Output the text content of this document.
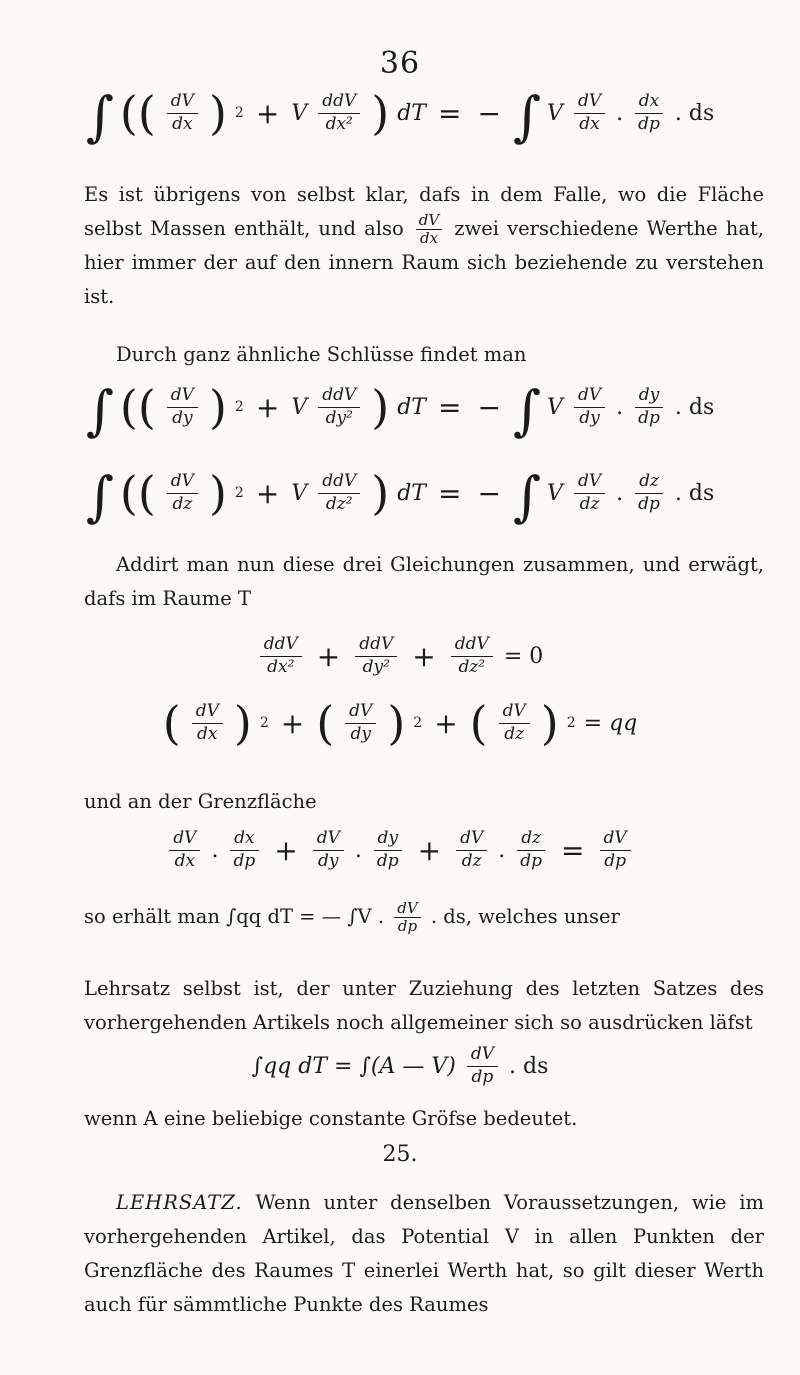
36
∫ (( $\frac{dV}{dx}$ ) 2 + V $\frac{\text{ddV}}{\text{dx²}}$ ) dT = − ∫ V $\frac{dV}{dx}$ . $\frac{dx}{dp}$ . ds
Es ist übrigens von selbst klar, dafs in dem Falle, wo die Fläche selbst Massen enthält, und also $\frac{dV}{dx}$ zwei verschiedene Werthe hat, hier immer der auf den innern Raum sich beziehende zu verstehen ist.
Durch ganz ähnliche Schlüsse findet man
∫ (( $\frac{dV}{dy}$ ) 2 + V $\frac{\text{ddV}}{\text{dy²}}$ ) dT = − ∫ V $\frac{dV}{dy}$ . $\frac{dy}{dp}$ . ds
∫ (( $\frac{dV}{dz}$ ) 2 + V $\frac{\text{ddV}}{\text{dz²}}$ ) dT = − ∫ V $\frac{dV}{dz}$ . $\frac{dz}{dp}$ . ds
Addirt man nun diese drei Gleichungen zusammen, und erwägt, dafs im Raume T
$\frac{\text{ddV}}{\text{dx²}} + \frac{\text{ddV}}{\text{dy²}} + \frac{\text{ddV}}{\text{dz²}} = 0$
( $\frac{dV}{dx}$ ) 2 + ( $\frac{dV}{dy}$ ) 2 + ( $\frac{dV}{dz}$ ) 2 = qq
und an der Grenzfläche
$\frac{dV}{dx}$ . $\frac{dx}{dp} + \frac{dV}{dy}$ . $\frac{dy}{dp} + \frac{dV}{dz}$ . $\frac{dz}{dp} = \frac{dV}{dp}$
so erhält man ∫qq dT = — ∫V . $\frac{dV}{dp}$ . ds, welches unser
Lehrsatz selbst ist, der unter Zuziehung des letzten Satzes des vorhergehenden Artikels noch allgemeiner sich so ausdrücken läfst
∫qq dT = ∫(A — $V) \frac{dV}{dp}$ . ds
wenn A eine beliebige constante Gröfse bedeutet.
25.
LEHRSATZ. Wenn unter denselben Voraussetzungen, wie im vorhergehenden Artikel, das Potential V in allen Punkten der Grenzfläche des Raumes T einerlei Werth hat, so gilt dieser Werth auch für sämmtliche Punkte des Raumes
